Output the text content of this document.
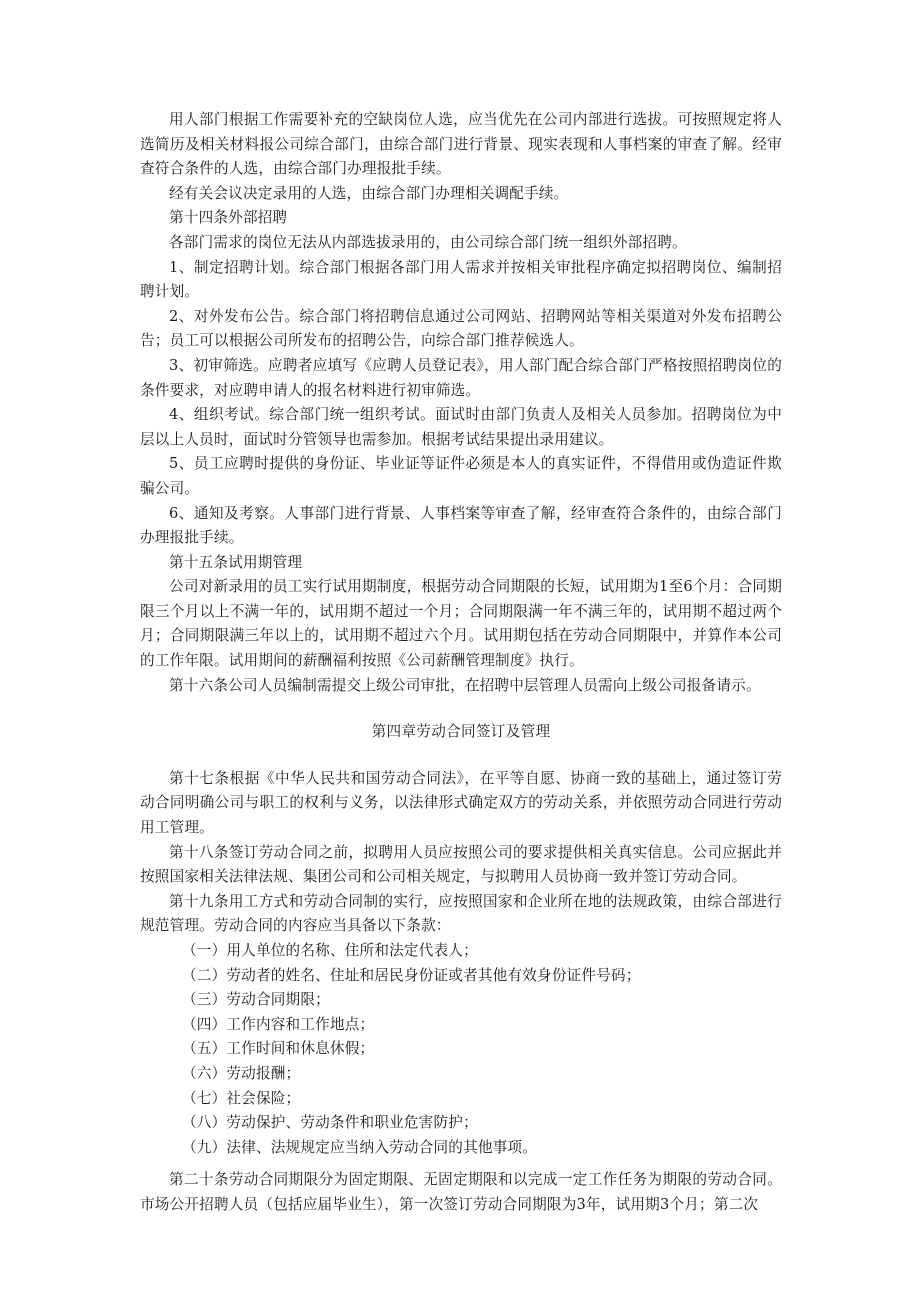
用人部门根据工作需要补充的空缺岗位人选，应当优先在公司内部进行选拔。可按照规定将人选简历及相关材料报公司综合部门，由综合部门进行背景、现实表现和人事档案的审查了解。经审查符合条件的人选，由综合部门办理报批手续。

经有关会议决定录用的人选，由综合部门办理相关调配手续。

第十四条外部招聘

各部门需求的岗位无法从内部选拔录用的，由公司综合部门统一组织外部招聘。

1、制定招聘计划。综合部门根据各部门用人需求并按相关审批程序确定拟招聘岗位、编制招聘计划。

2、对外发布公告。综合部门将招聘信息通过公司网站、招聘网站等相关渠道对外发布招聘公告；员工可以根据公司所发布的招聘公告，向综合部门推荐候选人。

3、初审筛选。应聘者应填写《应聘人员登记表》，用人部门配合综合部门严格按照招聘岗位的条件要求，对应聘申请人的报名材料进行初审筛选。

4、组织考试。综合部门统一组织考试。面试时由部门负责人及相关人员参加。招聘岗位为中层以上人员时，面试时分管领导也需参加。根据考试结果提出录用建议。

5、员工应聘时提供的身份证、毕业证等证件必须是本人的真实证件，不得借用或伪造证件欺骗公司。

6、通知及考察。人事部门进行背景、人事档案等审查了解，经审查符合条件的，由综合部门办理报批手续。

第十五条试用期管理

公司对新录用的员工实行试用期制度，根据劳动合同期限的长短，试用期为1至6个月：合同期限三个月以上不满一年的，试用期不超过一个月；合同期限满一年不满三年的，试用期不超过两个月；合同期限满三年以上的，试用期不超过六个月。试用期包括在劳动合同期限中，并算作本公司的工作年限。试用期间的薪酬福利按照《公司薪酬管理制度》执行。

第十六条公司人员编制需提交上级公司审批，在招聘中层管理人员需向上级公司报备请示。

第四章劳动合同签订及管理

第十七条根据《中华人民共和国劳动合同法》，在平等自愿、协商一致的基础上，通过签订劳动合同明确公司与职工的权利与义务，以法律形式确定双方的劳动关系，并依照劳动合同进行劳动用工管理。

第十八条签订劳动合同之前，拟聘用人员应按照公司的要求提供相关真实信息。公司应据此并按照国家相关法律法规、集团公司和公司相关规定，与拟聘用人员协商一致并签订劳动合同。

第十九条用工方式和劳动合同制的实行，应按照国家和企业所在地的法规政策，由综合部进行规范管理。劳动合同的内容应当具备以下条款：

（一）用人单位的名称、住所和法定代表人；

（二）劳动者的姓名、住址和居民身份证或者其他有效身份证件号码；

（三）劳动合同期限；

（四）工作内容和工作地点；

（五）工作时间和休息休假；

（六）劳动报酬；

（七）社会保险；

（八）劳动保护、劳动条件和职业危害防护；

（九）法律、法规规定应当纳入劳动合同的其他事项。

第二十条劳动合同期限分为固定期限、无固定期限和以完成一定工作任务为期限的劳动合同。市场公开招聘人员（包括应届毕业生），第一次签订劳动合同期限为3年，试用期3个月；第二次
